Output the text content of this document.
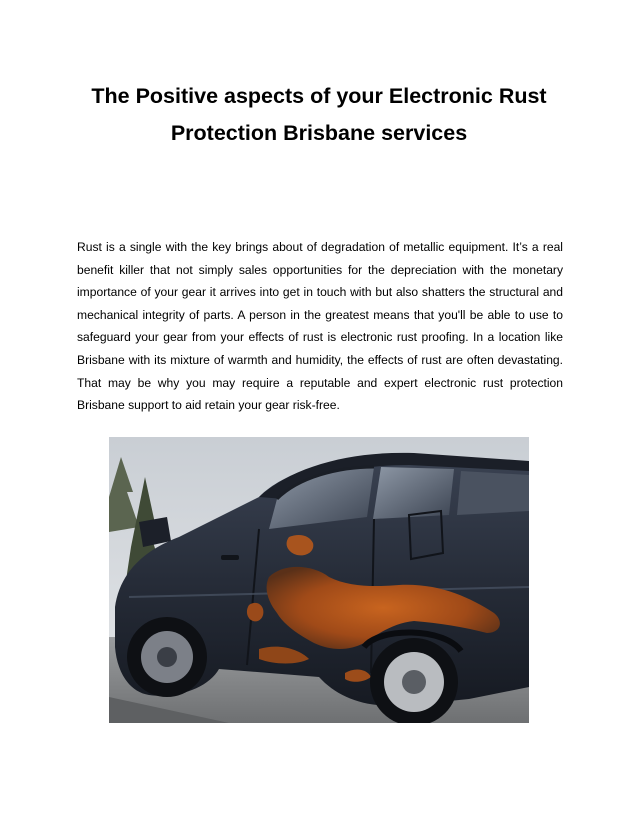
The Positive aspects of your Electronic Rust Protection Brisbane services

Rust is a single with the key brings about of degradation of metallic equipment. It’s a real benefit killer that not simply sales opportunities for the depreciation with the monetary importance of your gear it arrives into get in touch with but also shatters the structural and mechanical integrity of parts. A person in the greatest means that you'll be able to use to safeguard your gear from your effects of rust is electronic rust proofing. In a location like Brisbane with its mixture of warmth and humidity, the effects of rust are often devastating. That may be why you may require a reputable and expert electronic rust protection Brisbane support to aid retain your gear risk-free.
